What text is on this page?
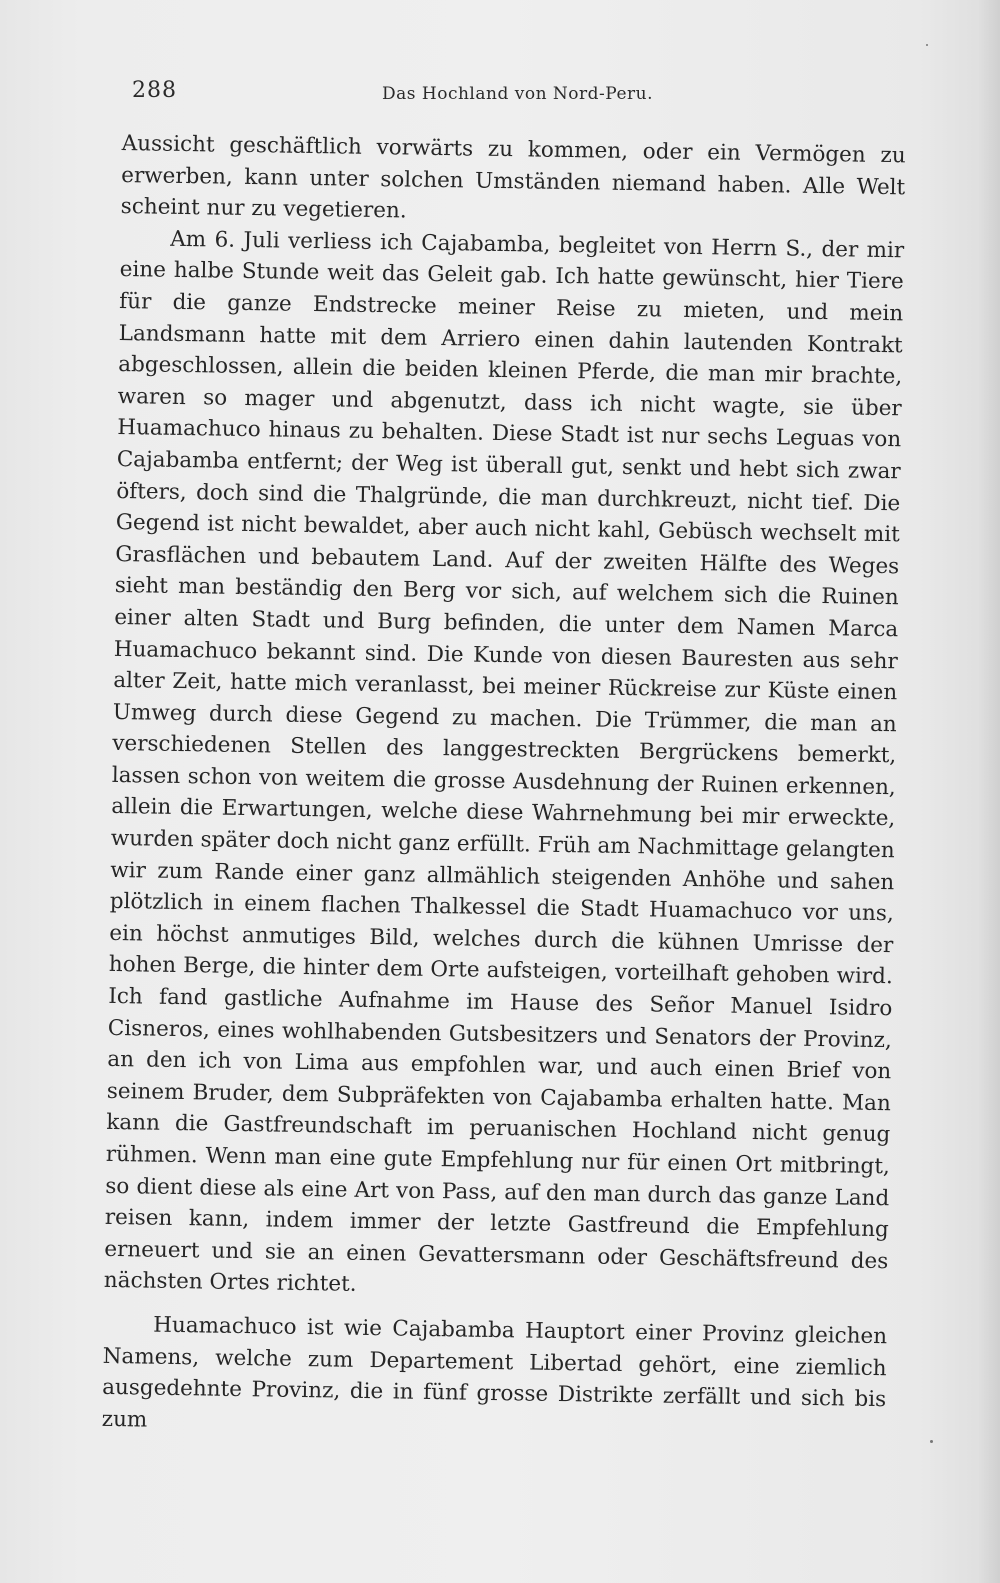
288	Das Hochland von Nord-Peru.

Aussicht geschäftlich vorwärts zu kommen, oder ein Vermögen zu erwerben, kann unter solchen Umständen niemand haben. Alle Welt scheint nur zu vegetieren.

Am 6. Juli verliess ich Cajabamba, begleitet von Herrn S., der mir eine halbe Stunde weit das Geleit gab. Ich hatte gewünscht, hier Tiere für die ganze Endstrecke meiner Reise zu mieten, und mein Landsmann hatte mit dem Arriero einen dahin lautenden Kontrakt abgeschlossen, allein die beiden kleinen Pferde, die man mir brachte, waren so mager und abgenutzt, dass ich nicht wagte, sie über Huamachuco hinaus zu behalten. Diese Stadt ist nur sechs Leguas von Cajabamba entfernt; der Weg ist überall gut, senkt und hebt sich zwar öfters, doch sind die Thalgründe, die man durchkreuzt, nicht tief. Die Gegend ist nicht bewaldet, aber auch nicht kahl, Gebüsch wechselt mit Grasflächen und bebautem Land. Auf der zweiten Hälfte des Weges sieht man beständig den Berg vor sich, auf welchem sich die Ruinen einer alten Stadt und Burg befinden, die unter dem Namen Marca Huamachuco bekannt sind. Die Kunde von diesen Bauresten aus sehr alter Zeit, hatte mich veranlasst, bei meiner Rückreise zur Küste einen Umweg durch diese Gegend zu machen. Die Trümmer, die man an verschiedenen Stellen des langgestreckten Bergrückens bemerkt, lassen schon von weitem die grosse Ausdehnung der Ruinen erkennen, allein die Erwartungen, welche diese Wahrnehmung bei mir erweckte, wurden später doch nicht ganz erfüllt. Früh am Nachmittage gelangten wir zum Rande einer ganz allmählich steigenden Anhöhe und sahen plötzlich in einem flachen Thalkessel die Stadt Huamachuco vor uns, ein höchst anmutiges Bild, welches durch die kühnen Umrisse der hohen Berge, die hinter dem Orte aufsteigen, vorteilhaft gehoben wird. Ich fand gastliche Aufnahme im Hause des Señor Manuel Isidro Cisneros, eines wohlhabenden Gutsbesitzers und Senators der Provinz, an den ich von Lima aus empfohlen war, und auch einen Brief von seinem Bruder, dem Subpräfekten von Cajabamba erhalten hatte. Man kann die Gastfreundschaft im peruanischen Hochland nicht genug rühmen. Wenn man eine gute Empfehlung nur für einen Ort mitbringt, so dient diese als eine Art von Pass, auf den man durch das ganze Land reisen kann, indem immer der letzte Gastfreund die Empfehlung erneuert und sie an einen Gevattersmann oder Geschäftsfreund des nächsten Ortes richtet.

Huamachuco ist wie Cajabamba Hauptort einer Provinz gleichen Namens, welche zum Departement Libertad gehört, eine ziemlich ausgedehnte Provinz, die in fünf grosse Distrikte zerfällt und sich bis zum
